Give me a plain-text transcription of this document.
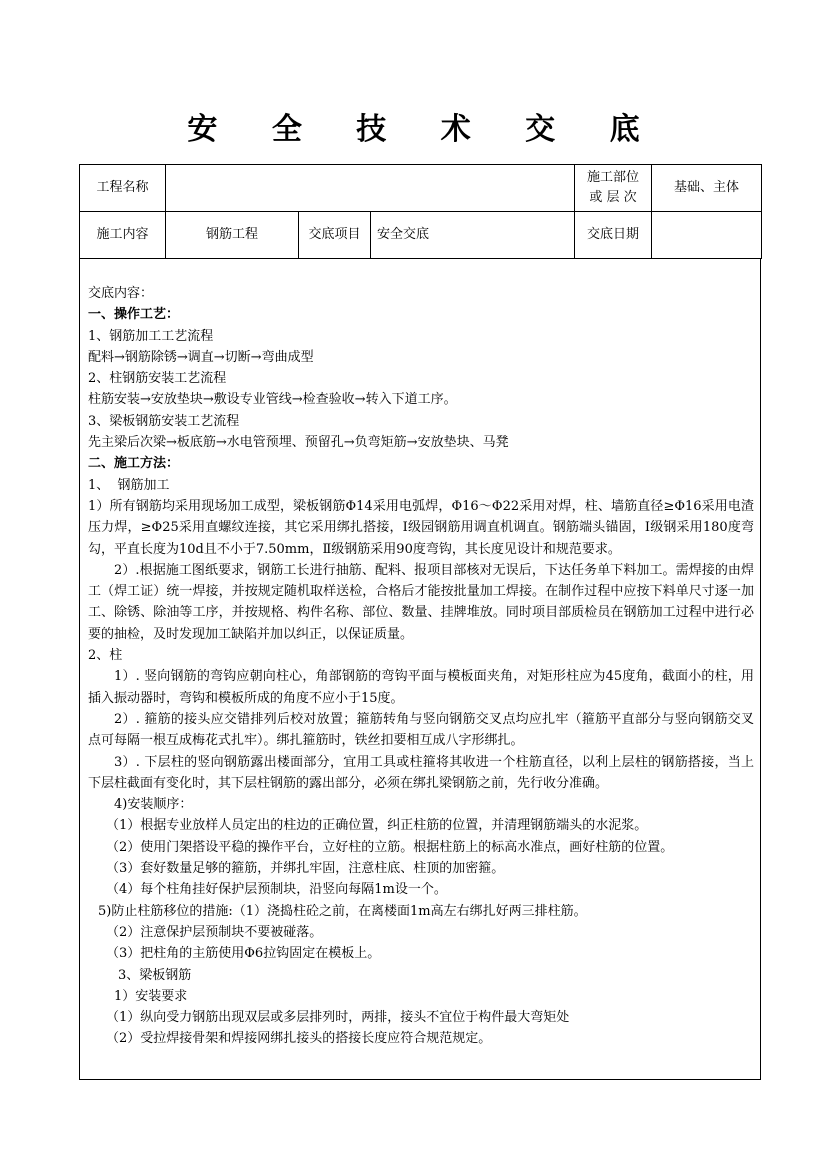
安 全 技 术 交 底
工程名称				施工部位
或 层 次	基础、主体
施工内容	钢筋工程	交底项目	安全交底	交底日期	

交底内容：

一、操作工艺：

1、钢筋加工工艺流程

配料→钢筋除锈→调直→切断→弯曲成型

2、柱钢筋安装工艺流程

柱筋安装→安放垫块→敷设专业管线→检查验收→转入下道工序。

3、梁板钢筋安装工艺流程

先主梁后次梁→板底筋→水电管预埋、预留孔→负弯矩筋→安放垫块、马凳

二、施工方法：

1、  钢筋加工

1）所有钢筋均采用现场加工成型，梁板钢筋Φ14采用电弧焊，Φ16～Φ22采用对焊，柱、墙筋直径≥Φ16采用电渣压力焊，≥Φ25采用直螺纹连接，其它采用绑扎搭接，Ⅰ级园钢筋用调直机调直。钢筋端头锚固，Ⅰ级钢采用180度弯勾，平直长度为10d且不小于7.50mm，Ⅱ级钢筋采用90度弯钩，其长度见设计和规范要求。

2）.根据施工图纸要求，钢筋工长进行抽筋、配料、报项目部核对无误后，下达任务单下料加工。需焊接的由焊工（焊工证）统一焊接，并按规定随机取样送检，合格后才能按批量加工焊接。在制作过程中应按下料单尺寸逐一加工、除锈、除油等工序，并按规格、构件名称、部位、数量、挂牌堆放。同时项目部质检员在钢筋加工过程中进行必要的抽检，及时发现加工缺陷并加以纠正，以保证质量。

2、柱

1）. 竖向钢筋的弯钩应朝向柱心，角部钢筋的弯钩平面与模板面夹角，对矩形柱应为45度角，截面小的柱，用插入振动器时，弯钩和模板所成的角度不应小于15度。

2）. 箍筋的接头应交错排列后校对放置；箍筋转角与竖向钢筋交叉点均应扎牢（箍筋平直部分与竖向钢筋交叉点可每隔一根互成梅花式扎牢）。绑扎箍筋时，铁丝扣要相互成八字形绑扎。

3）. 下层柱的竖向钢筋露出楼面部分，宜用工具或柱箍将其收进一个柱筋直径，以利上层柱的钢筋搭接，当上下层柱截面有变化时，其下层柱钢筋的露出部分，必须在绑扎梁钢筋之前，先行收分准确。

4)安装顺序：

（1）根据专业放样人员定出的柱边的正确位置，纠正柱筋的位置，并清理钢筋端头的水泥浆。

（2）使用门架搭设平稳的操作平台，立好柱的立筋。根据柱筋上的标高水准点，画好柱筋的位置。

（3）套好数量足够的箍筋，并绑扎牢固，注意柱底、柱顶的加密箍。

（4）每个柱角挂好保护层预制块，沿竖向每隔1m设一个。

5)防止柱筋移位的措施:（1）浇捣柱砼之前，在离楼面1m高左右绑扎好两三排柱筋。

（2）注意保护层预制块不要被碰落。

（3）把柱角的主筋使用Φ6拉钩固定在模板上。

3、梁板钢筋

1）安装要求

（1）纵向受力钢筋出现双层或多层排列时，两排，接头不宜位于构件最大弯矩处

（2）受拉焊接骨架和焊接网绑扎接头的搭接长度应符合规范规定。
